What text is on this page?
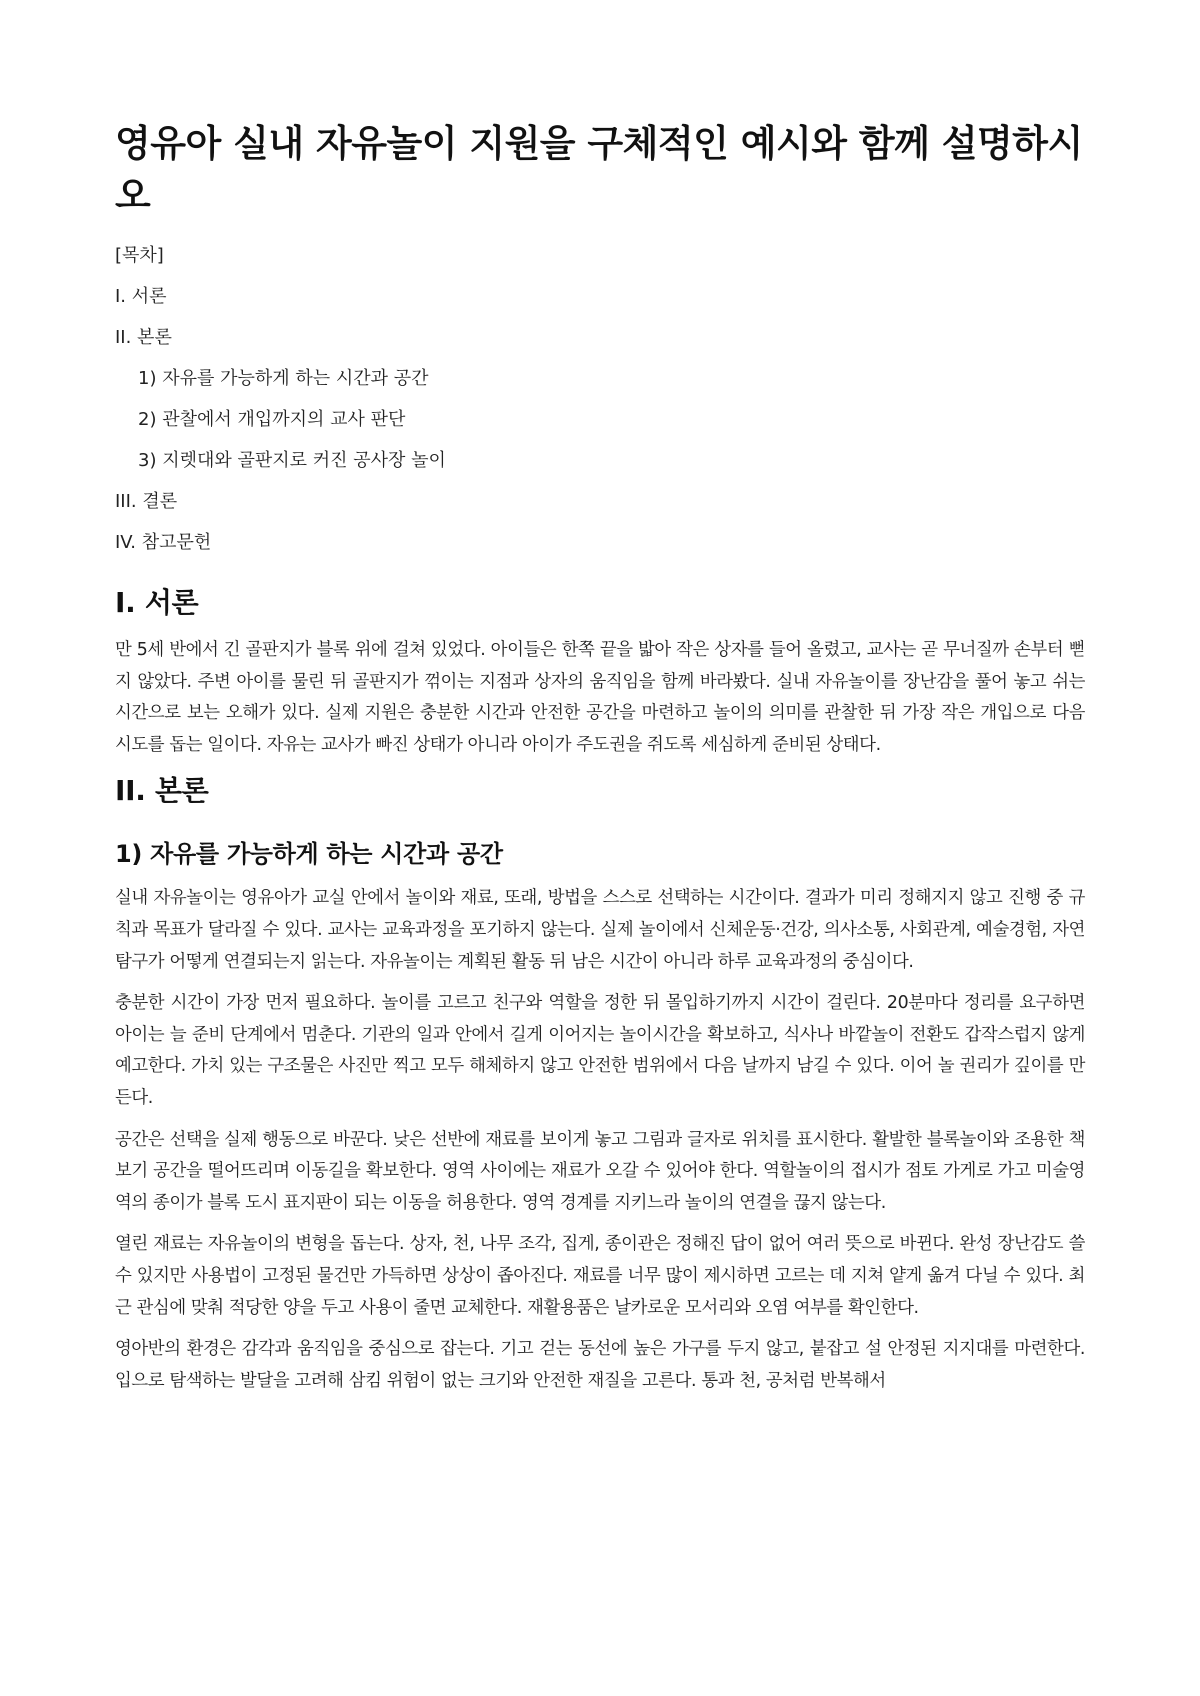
영유아 실내 자유놀이 지원을 구체적인 예시와 함께 설명하시오
[목차]
I. 서론
II. 본론
1) 자유를 가능하게 하는 시간과 공간
2) 관찰에서 개입까지의 교사 판단
3) 지렛대와 골판지로 커진 공사장 놀이
III. 결론
IV. 참고문헌
I. 서론

만 5세 반에서 긴 골판지가 블록 위에 걸쳐 있었다. 아이들은 한쪽 끝을 밟아 작은 상자를 들어 올렸고, 교사는 곧 무너질까 손부터 뻗지 않았다. 주변 아이를 물린 뒤 골판지가 꺾이는 지점과 상자의 움직임을 함께 바라봤다. 실내 자유놀이를 장난감을 풀어 놓고 쉬는 시간으로 보는 오해가 있다. 실제 지원은 충분한 시간과 안전한 공간을 마련하고 놀이의 의미를 관찰한 뒤 가장 작은 개입으로 다음 시도를 돕는 일이다. 자유는 교사가 빠진 상태가 아니라 아이가 주도권을 쥐도록 세심하게 준비된 상태다.

II. 본론
1) 자유를 가능하게 하는 시간과 공간

실내 자유놀이는 영유아가 교실 안에서 놀이와 재료, 또래, 방법을 스스로 선택하는 시간이다. 결과가 미리 정해지지 않고 진행 중 규칙과 목표가 달라질 수 있다. 교사는 교육과정을 포기하지 않는다. 실제 놀이에서 신체운동·건강, 의사소통, 사회관계, 예술경험, 자연탐구가 어떻게 연결되는지 읽는다. 자유놀이는 계획된 활동 뒤 남은 시간이 아니라 하루 교육과정의 중심이다.

충분한 시간이 가장 먼저 필요하다. 놀이를 고르고 친구와 역할을 정한 뒤 몰입하기까지 시간이 걸린다. 20분마다 정리를 요구하면 아이는 늘 준비 단계에서 멈춘다. 기관의 일과 안에서 길게 이어지는 놀이시간을 확보하고, 식사나 바깥놀이 전환도 갑작스럽지 않게 예고한다. 가치 있는 구조물은 사진만 찍고 모두 해체하지 않고 안전한 범위에서 다음 날까지 남길 수 있다. 이어 놀 권리가 깊이를 만든다.

공간은 선택을 실제 행동으로 바꾼다. 낮은 선반에 재료를 보이게 놓고 그림과 글자로 위치를 표시한다. 활발한 블록놀이와 조용한 책보기 공간을 떨어뜨리며 이동길을 확보한다. 영역 사이에는 재료가 오갈 수 있어야 한다. 역할놀이의 접시가 점토 가게로 가고 미술영역의 종이가 블록 도시 표지판이 되는 이동을 허용한다. 영역 경계를 지키느라 놀이의 연결을 끊지 않는다.

열린 재료는 자유놀이의 변형을 돕는다. 상자, 천, 나무 조각, 집게, 종이관은 정해진 답이 없어 여러 뜻으로 바뀐다. 완성 장난감도 쓸 수 있지만 사용법이 고정된 물건만 가득하면 상상이 좁아진다. 재료를 너무 많이 제시하면 고르는 데 지쳐 얕게 옮겨 다닐 수 있다. 최근 관심에 맞춰 적당한 양을 두고 사용이 줄면 교체한다. 재활용품은 날카로운 모서리와 오염 여부를 확인한다.

영아반의 환경은 감각과 움직임을 중심으로 잡는다. 기고 걷는 동선에 높은 가구를 두지 않고, 붙잡고 설 안정된 지지대를 마련한다. 입으로 탐색하는 발달을 고려해 삼킴 위험이 없는 크기와 안전한 재질을 고른다. 통과 천, 공처럼 반복해서
